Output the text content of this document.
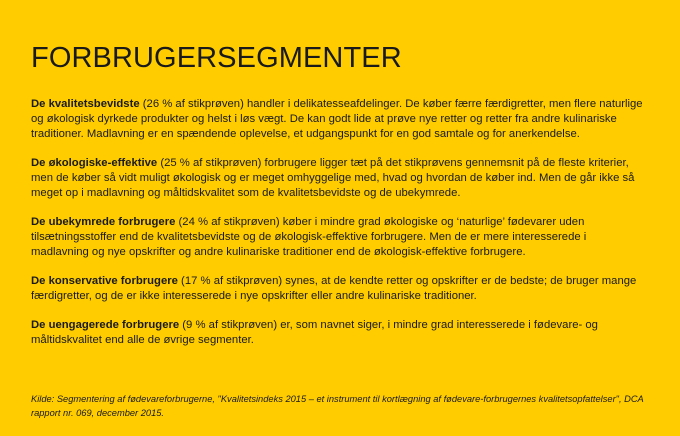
FORBRUGERSEGMENTER

De kvalitetsbevidste (26 % af stikprøven) handler i delikatesseafdelinger. De køber færre færdigretter, men flere naturlige og økologisk dyrkede produkter og helst i løs vægt. De kan godt lide at prøve nye retter og retter fra andre kulinariske traditioner. Madlavning er en spændende oplevelse, et udgangspunkt for en god samtale og for anerkendelse.

De økologiske-effektive (25 % af stikprøven) forbrugere ligger tæt på det stikprøvens gennemsnit på de fleste kriterier, men de køber så vidt muligt økologisk og er meget omhyggelige med, hvad og hvordan de køber ind. Men de går ikke så meget op i madlavning og måltidskvalitet som de kvalitetsbevidste og de ubekymrede.

De ubekymrede forbrugere (24 % af stikprøven) køber i mindre grad økologiske og ‘naturlige’ fødevarer uden tilsætningsstoffer end de kvalitetsbevidste og de økologisk-effektive forbrugere. Men de er mere interesserede i madlavning og nye opskrifter og andre kulinariske traditioner end de økologisk-effektive forbrugere.

De konservative forbrugere (17 % af stikprøven) synes, at de kendte retter og opskrifter er de bedste; de bruger mange færdigretter, og de er ikke interesserede i nye opskrifter eller andre kulinariske traditioner.

De uengagerede forbrugere (9 % af stikprøven) er, som navnet siger, i mindre grad interesserede i fødevare- og måltidskvalitet end alle de øvrige segmenter.

Kilde: Segmentering af fødevareforbrugerne, "Kvalitetsindeks 2015 – et instrument til kortlægning af fødevare-forbrugernes kvalitetsopfattelser", DCA rapport nr. 069, december 2015.
